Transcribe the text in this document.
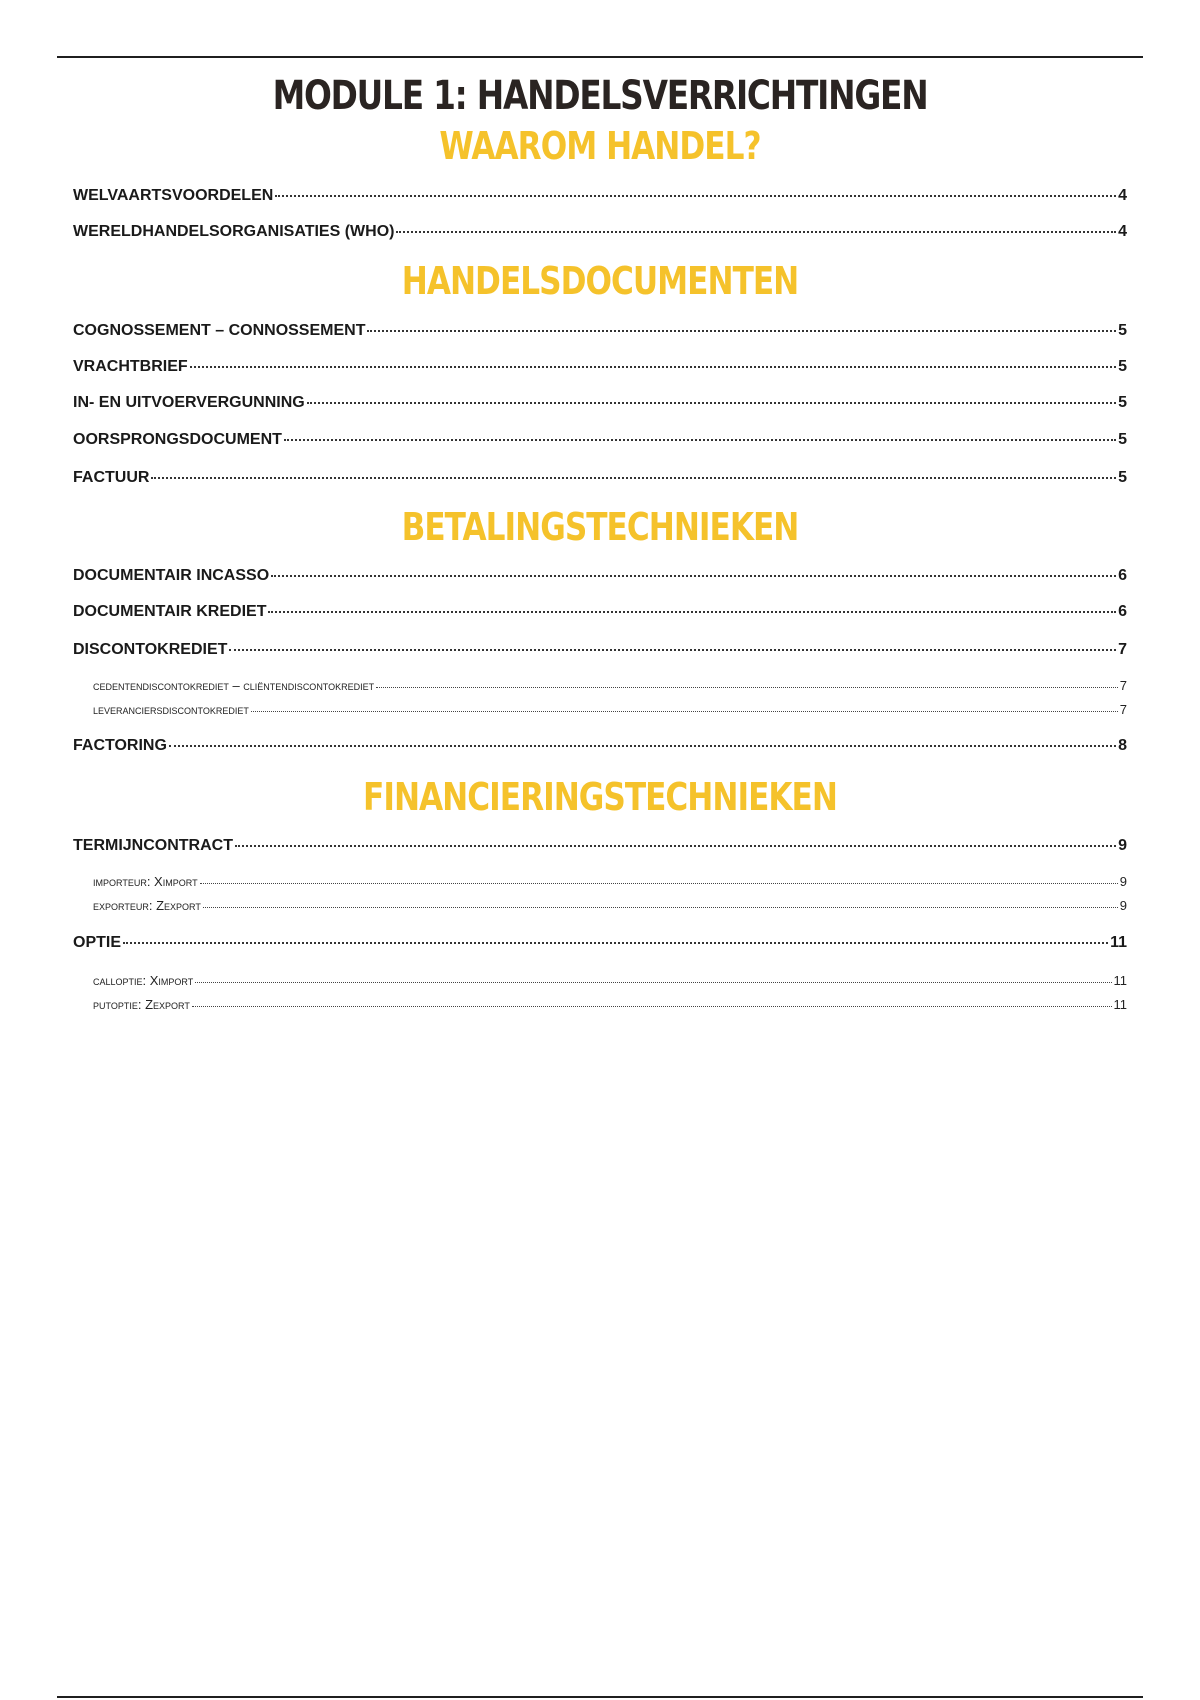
MODULE 1: HANDELSVERRICHTINGEN
WAAROM HANDEL?
WELVAARTSVOORDELEN	4
WERELDHANDELSORGANISATIES (WHO)	4
HANDELSDOCUMENTEN
COGNOSSEMENT – CONNOSSEMENT	5
VRACHTBRIEF	5
IN- EN UITVOERVERGUNNING	5
OORSPRONGSDOCUMENT	5
FACTUUR	5
BETALINGSTECHNIEKEN
DOCUMENTAIR INCASSO	6
DOCUMENTAIR KREDIET	6
DISCONTOKREDIET	7
cedentendiscontokrediet – cliëntendiscontokrediet	7
leveranciersdiscontokrediet	7
FACTORING	8
FINANCIERINGSTECHNIEKEN
TERMIJNCONTRACT	9
importeur: Ximport	9
exporteur: Zexport	9
OPTIE	11
calloptie: Ximport	11
putoptie: Zexport	11
